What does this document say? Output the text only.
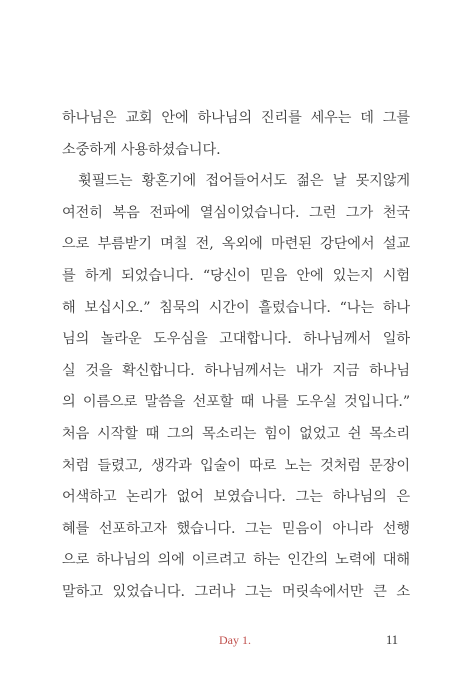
하나님은 교회 안에 하나님의 진리를 세우는 데 그를
소중하게 사용하셨습니다.
휫필드는 황혼기에 접어들어서도 젊은 날 못지않게
여전히 복음 전파에 열심이었습니다. 그런 그가 천국
으로 부름받기 며칠 전, 옥외에 마련된 강단에서 설교
를 하게 되었습니다. “당신이 믿음 안에 있는지 시험
해 보십시오.” 침묵의 시간이 흘렀습니다. “나는 하나
님의 놀라운 도우심을 고대합니다. 하나님께서 일하
실 것을 확신합니다. 하나님께서는 내가 지금 하나님
의 이름으로 말씀을 선포할 때 나를 도우실 것입니다.”
처음 시작할 때 그의 목소리는 힘이 없었고 쉰 목소리
처럼 들렸고, 생각과 입술이 따로 노는 것처럼 문장이
어색하고 논리가 없어 보였습니다. 그는 하나님의 은
혜를 선포하고자 했습니다. 그는 믿음이 아니라 선행
으로 하나님의 의에 이르려고 하는 인간의 노력에 대해
말하고 있었습니다. 그러나 그는 머릿속에서만 큰 소
Day 1.	11
